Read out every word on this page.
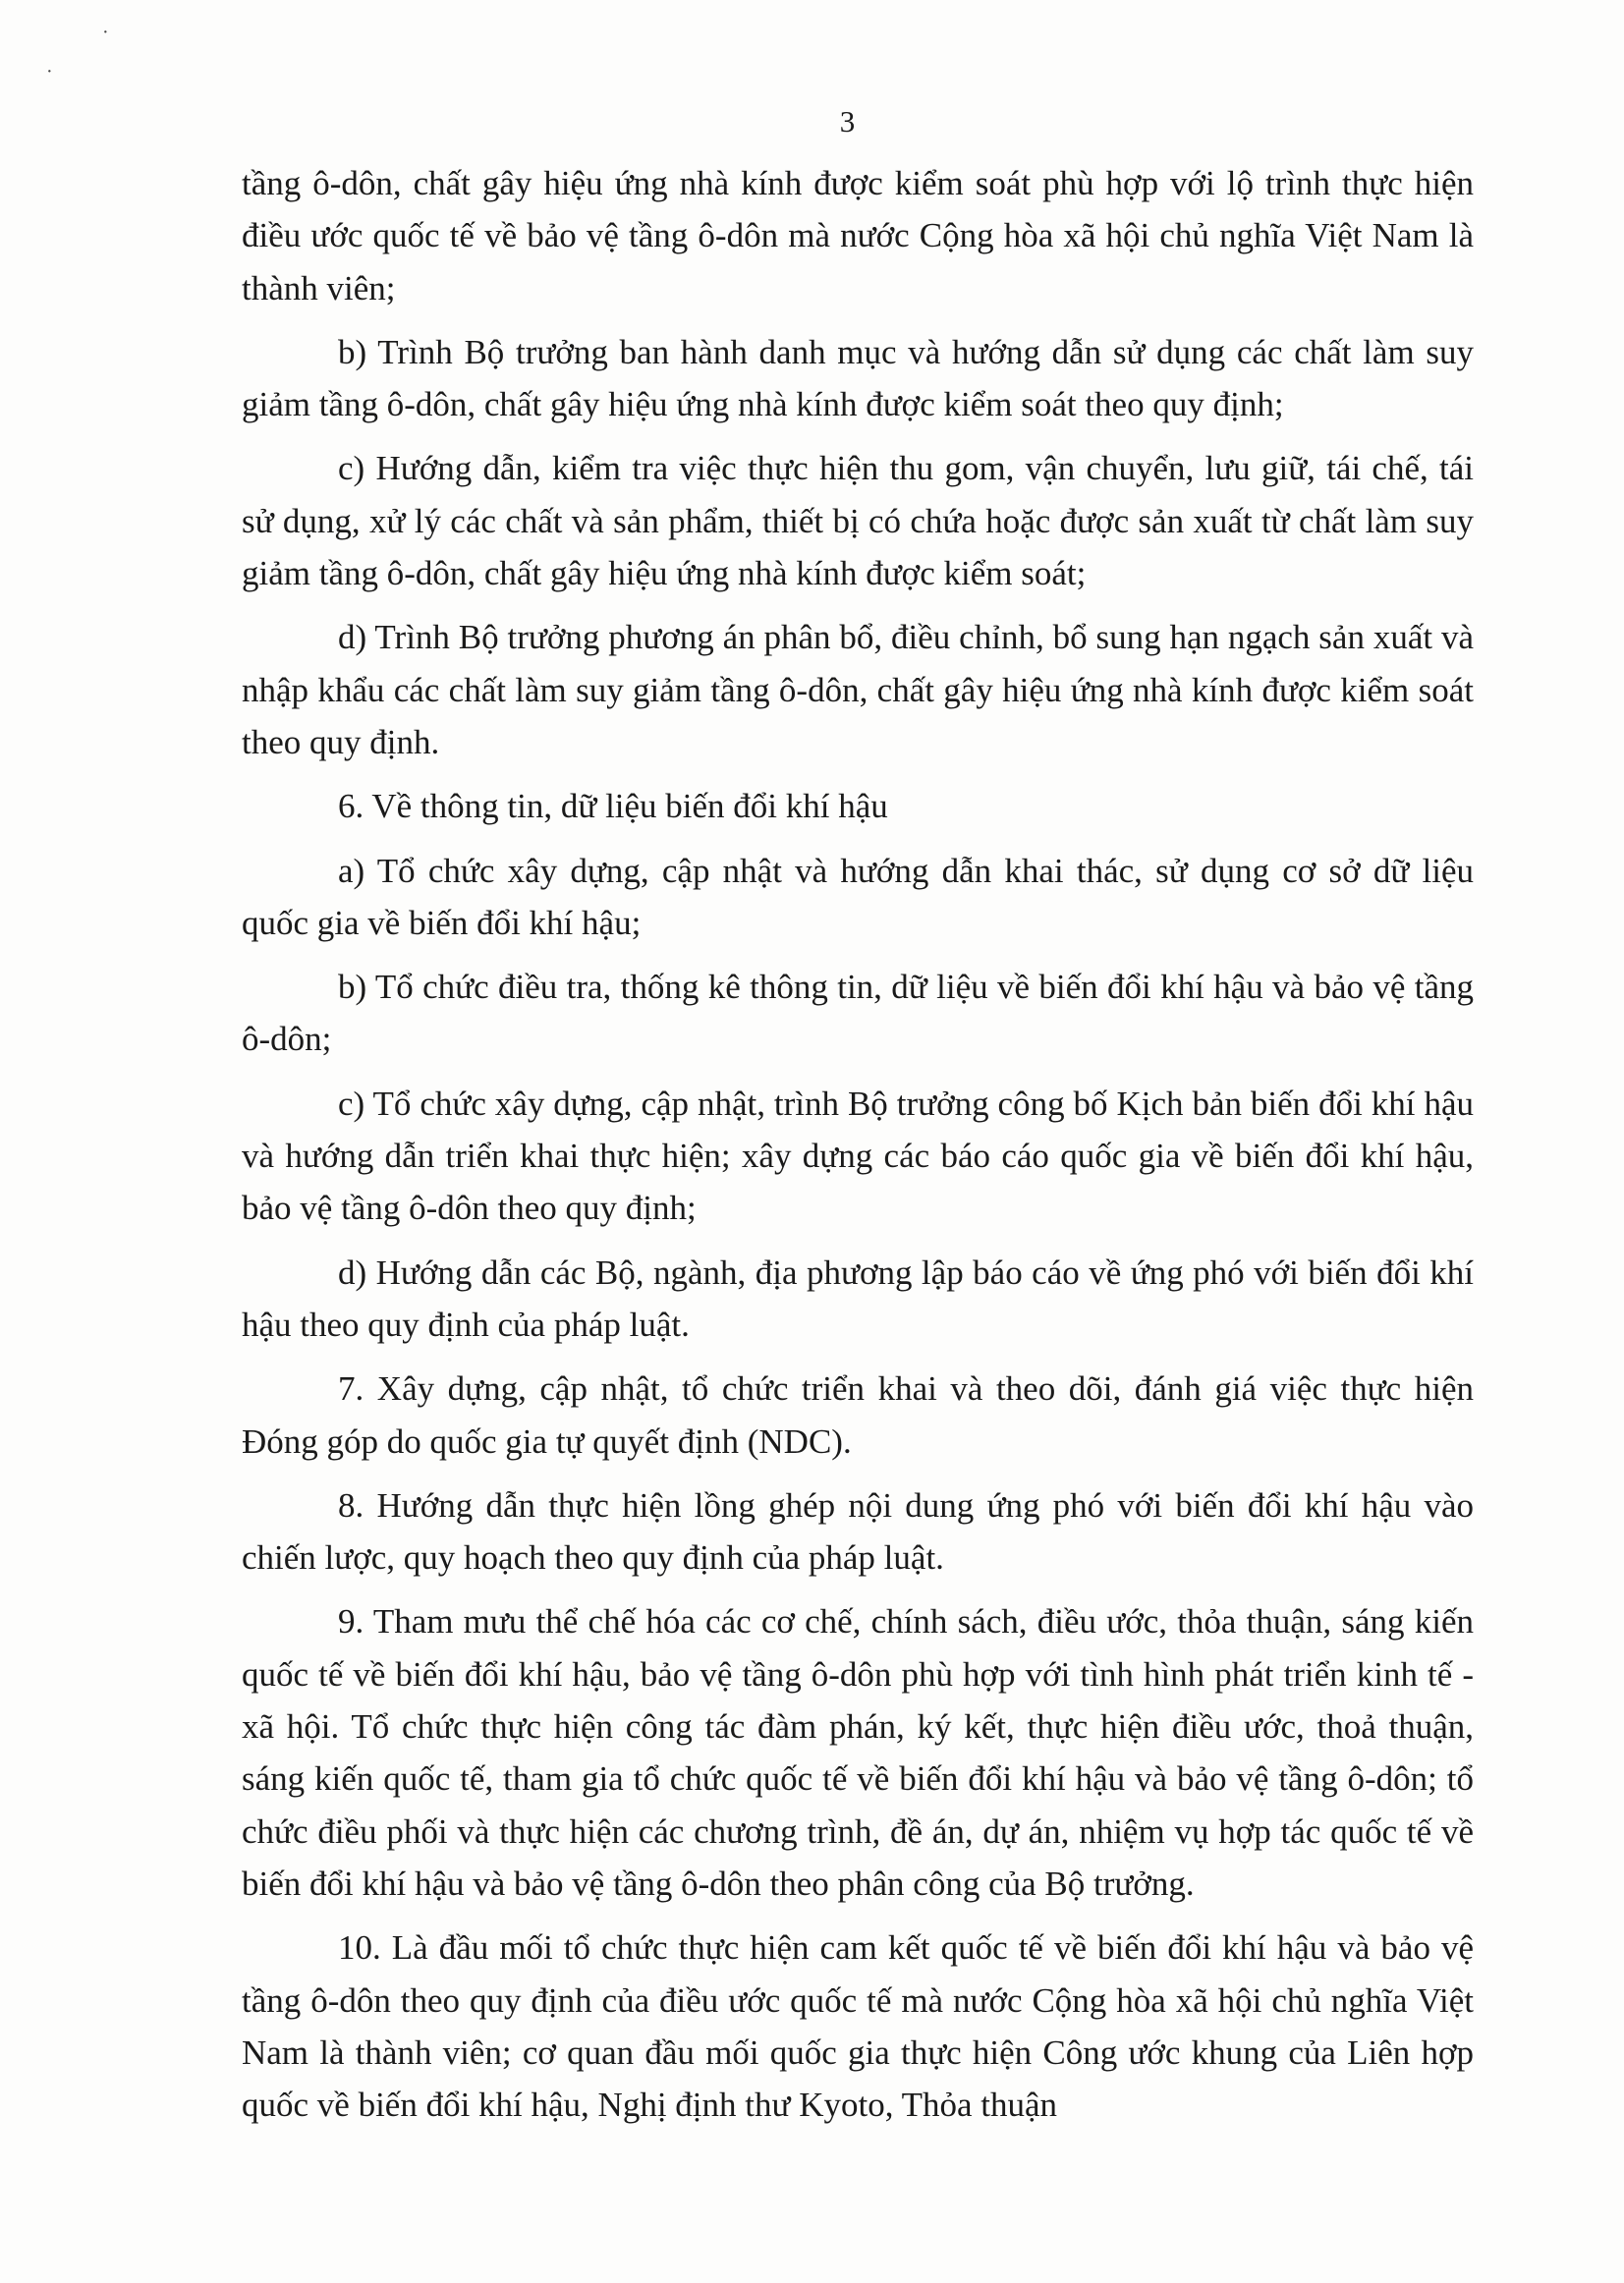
·
·
3

tầng ô-dôn, chất gây hiệu ứng nhà kính được kiểm soát phù hợp với lộ trình thực hiện điều ước quốc tế về bảo vệ tầng ô-dôn mà nước Cộng hòa xã hội chủ nghĩa Việt Nam là thành viên;

b) Trình Bộ trưởng ban hành danh mục và hướng dẫn sử dụng các chất làm suy giảm tầng ô-dôn, chất gây hiệu ứng nhà kính được kiểm soát theo quy định;

c) Hướng dẫn, kiểm tra việc thực hiện thu gom, vận chuyển, lưu giữ, tái chế, tái sử dụng, xử lý các chất và sản phẩm, thiết bị có chứa hoặc được sản xuất từ chất làm suy giảm tầng ô-dôn, chất gây hiệu ứng nhà kính được kiểm soát;

d) Trình Bộ trưởng phương án phân bổ, điều chỉnh, bổ sung hạn ngạch sản xuất và nhập khẩu các chất làm suy giảm tầng ô-dôn, chất gây hiệu ứng nhà kính được kiểm soát theo quy định.

6. Về thông tin, dữ liệu biến đổi khí hậu

a) Tổ chức xây dựng, cập nhật và hướng dẫn khai thác, sử dụng cơ sở dữ liệu quốc gia về biến đổi khí hậu;

b) Tổ chức điều tra, thống kê thông tin, dữ liệu về biến đổi khí hậu và bảo vệ tầng ô-dôn;

c) Tổ chức xây dựng, cập nhật, trình Bộ trưởng công bố Kịch bản biến đổi khí hậu và hướng dẫn triển khai thực hiện; xây dựng các báo cáo quốc gia về biến đổi khí hậu, bảo vệ tầng ô-dôn theo quy định;

d) Hướng dẫn các Bộ, ngành, địa phương lập báo cáo về ứng phó với biến đổi khí hậu theo quy định của pháp luật.

7. Xây dựng, cập nhật, tổ chức triển khai và theo dõi, đánh giá việc thực hiện Đóng góp do quốc gia tự quyết định (NDC).

8. Hướng dẫn thực hiện lồng ghép nội dung ứng phó với biến đổi khí hậu vào chiến lược, quy hoạch theo quy định của pháp luật.

9. Tham mưu thể chế hóa các cơ chế, chính sách, điều ước, thỏa thuận, sáng kiến quốc tế về biến đổi khí hậu, bảo vệ tầng ô-dôn phù hợp với tình hình phát triển kinh tế - xã hội. Tổ chức thực hiện công tác đàm phán, ký kết, thực hiện điều ước, thoả thuận, sáng kiến quốc tế, tham gia tổ chức quốc tế về biến đổi khí hậu và bảo vệ tầng ô-dôn; tổ chức điều phối và thực hiện các chương trình, đề án, dự án, nhiệm vụ hợp tác quốc tế về biến đổi khí hậu và bảo vệ tầng ô-dôn theo phân công của Bộ trưởng.

10. Là đầu mối tổ chức thực hiện cam kết quốc tế về biến đổi khí hậu và bảo vệ tầng ô-dôn theo quy định của điều ước quốc tế mà nước Cộng hòa xã hội chủ nghĩa Việt Nam là thành viên; cơ quan đầu mối quốc gia thực hiện Công ước khung của Liên hợp quốc về biến đổi khí hậu, Nghị định thư Kyoto, Thỏa thuận
